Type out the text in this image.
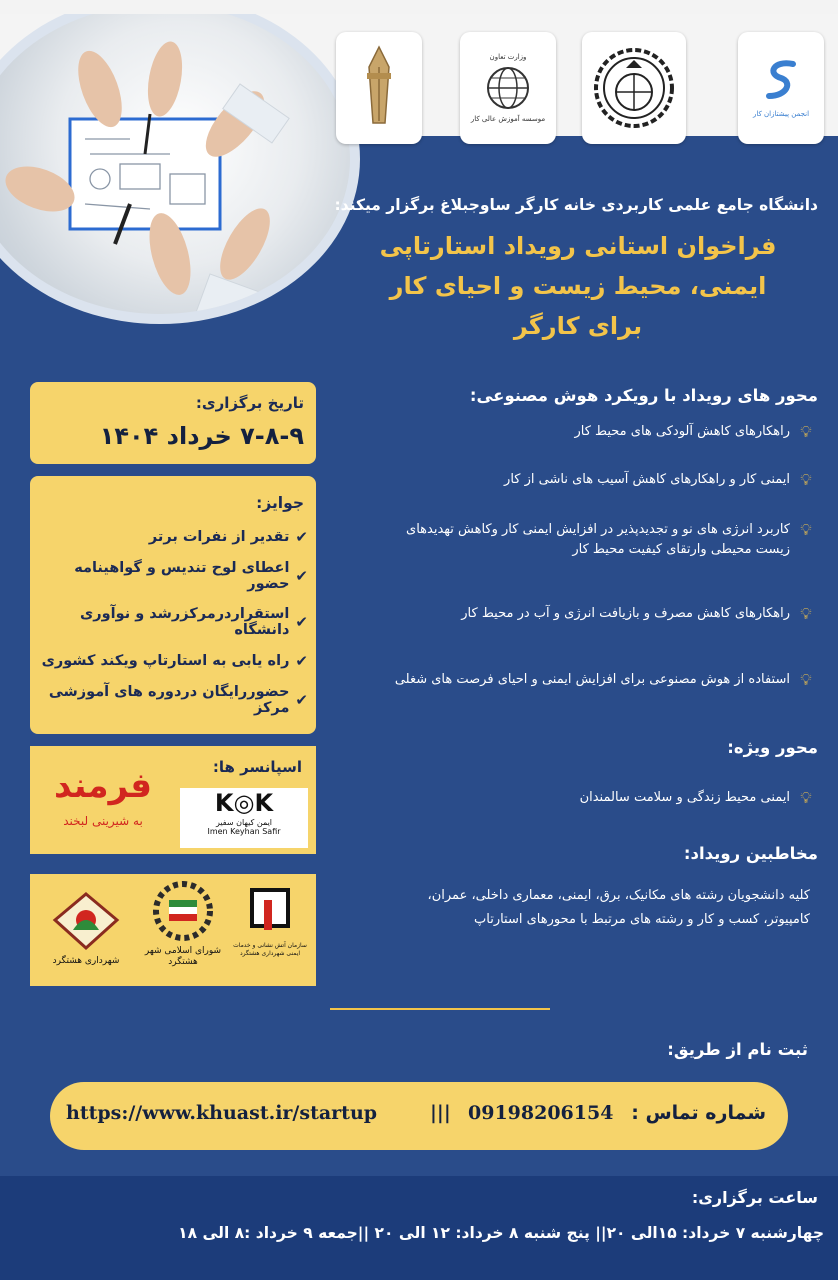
انجمن پیشتازان کار
وزارت تعاون
موسسه آموزش عالی کار
دانشگاه جامع علمی کاربردی خانه کارگر ساوجبلاغ برگزار میکند:
فراخوان استانی رویداد استارتاپی
ایمنی، محیط زیست و احیای کار
برای کارگر
محور های رویداد با رویکرد هوش مصنوعی:
💡︎
راهکارهای کاهش آلودکی های محیط کار
💡︎
ایمنی کار و راهکارهای کاهش آسیب های ناشی از کار
💡︎
کاربرد انرژی های نو و تجدیدپذیر در افزایش ایمنی کار وکاهش تهدیدهای زیست محیطی وارتقای کیفیت محیط کار
💡︎
راهکارهای کاهش مصرف و بازیافت انرژی و آب در محیط کار
💡︎
استفاده از هوش مصنوعی برای افزایش ایمنی و احیای فرصت های شغلی
محور ویژه:
💡︎
ایمنی محیط زندگی و سلامت سالمندان
مخاطبین رویداد:
کلیه دانشجویان رشته های مکانیک، برق، ایمنی، معماری داخلی، عمران، کامپیوتر، کسب و کار و رشته های مرتبط با محورهای استارتاپ
تاریخ برگزاری:
۷-۸-۹ خرداد ۱۴۰۴
جوایز:
✔︎
تقدیر از نفرات برتر
✔︎
اعطای لوح تندیس و گواهینامه حضور
✔︎
استقراردرمرکزرشد و نوآوری دانشگاه
✔︎
راه یابی به استارتاپ ویکند کشوری
✔︎
حضوررایگان دردوره های آموزشی مرکز
اسپانسر ها:
فرمند
به شیرینی لبخند
K◎K
ایمن کیهان سفیر
Imen Keyhan Safir
سازمان آتش نشانی و خدمات ایمنی شهرداری هشتگرد
شورای اسلامی شهر هشتگرد
شهرداری هشتگرد
ثبت نام از طریق:
شماره تماس :
09198206154
|||
https://www.khuast.ir/startup
ساعت برگزاری:
چهارشنبه ۷ خرداد: ۱۵الی ۲۰|| پنج شنبه ۸ خرداد: ۱۲ الی ۲۰ ||جمعه ۹ خرداد :۸ الی ۱۸
